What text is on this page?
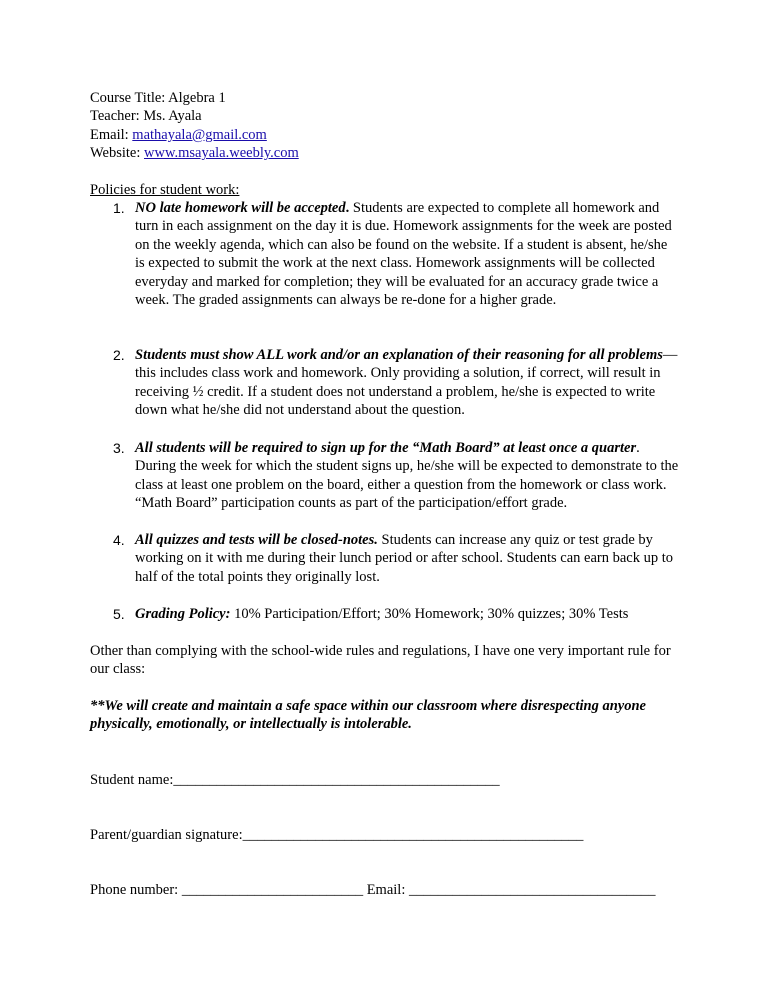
Course Title: Algebra 1
Teacher: Ms. Ayala
Email: mathayala@gmail.com
Website: www.msayala.weebly.com
Policies for student work:
1. NO late homework will be accepted. Students are expected to complete all homework and turn in each assignment on the day it is due. Homework assignments for the week are posted on the weekly agenda, which can also be found on the website. If a student is absent, he/she is expected to submit the work at the next class. Homework assignments will be collected everyday and marked for completion; they will be evaluated for an accuracy grade twice a week. The graded assignments can always be re-done for a higher grade.
2. Students must show ALL work and/or an explanation of their reasoning for all problems—this includes class work and homework. Only providing a solution, if correct, will result in receiving ½ credit. If a student does not understand a problem, he/she is expected to write down what he/she did not understand about the question.
3. All students will be required to sign up for the “Math Board” at least once a quarter. During the week for which the student signs up, he/she will be expected to demonstrate to the class at least one problem on the board, either a question from the homework or class work. “Math Board” participation counts as part of the participation/effort grade.
4. All quizzes and tests will be closed-notes. Students can increase any quiz or test grade by working on it with me during their lunch period or after school. Students can earn back up to half of the total points they originally lost.
5. Grading Policy: 10% Participation/Effort; 30% Homework; 30% quizzes; 30% Tests
Other than complying with the school-wide rules and regulations, I have one very important rule for our class:
**We will create and maintain a safe space within our classroom where disrespecting anyone physically, emotionally, or intellectually is intolerable.
Student name:_____________________________________________
Parent/guardian signature:_______________________________________________
Phone number: _________________________ Email: __________________________________
